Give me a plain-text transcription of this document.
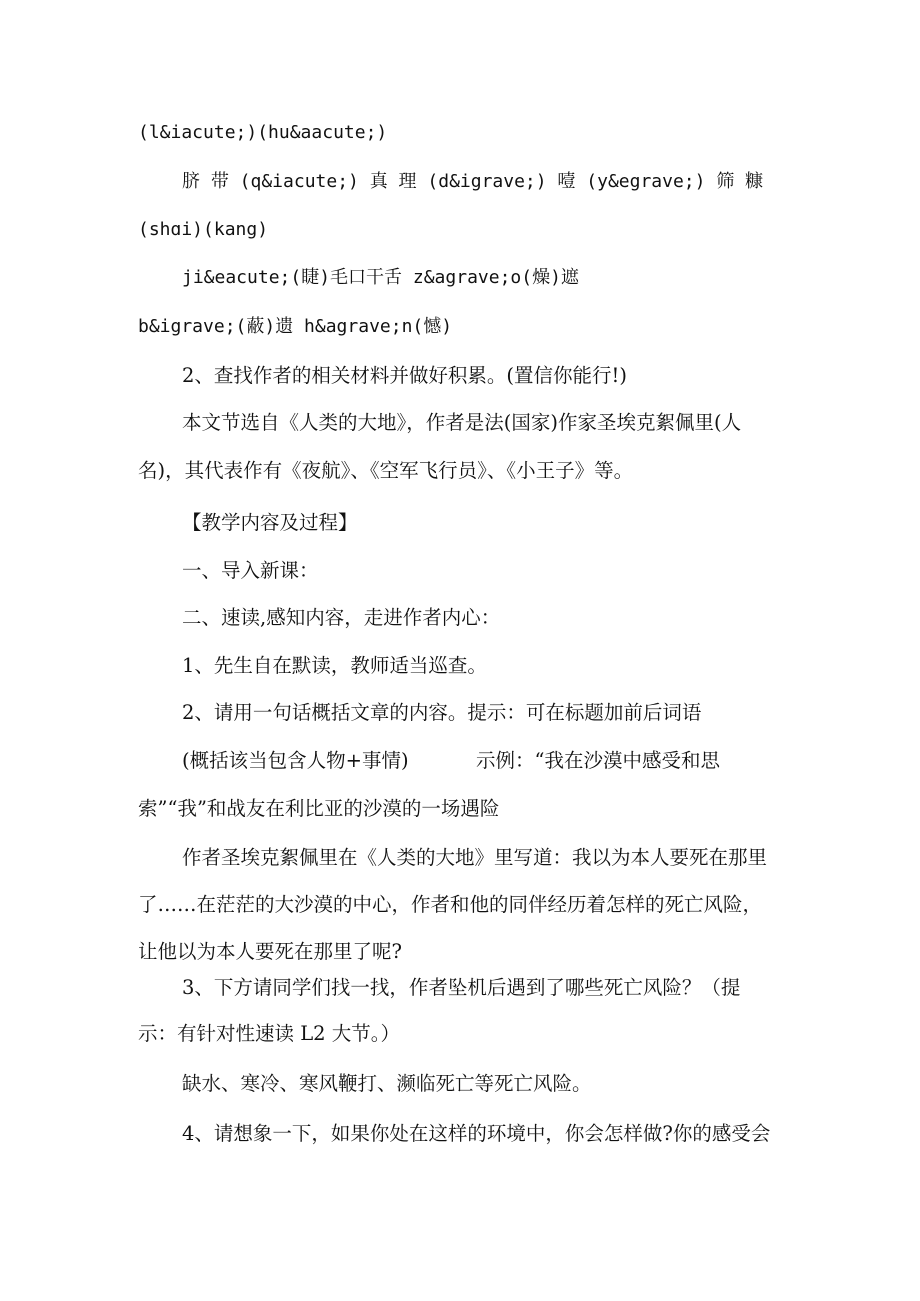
(l&iacute;)(hu&aacute;)
脐 带 (q&iacute;) 真 理 (d&igrave;) 噎 (y&egrave;) 筛 糠
(shɑi)(kang)
ji&eacute;(睫)毛口干舌 z&agrave;o(燥)遮
b&igrave;(蔽)遗 h&agrave;n(憾)
2、查找作者的相关材料并做好积累。(置信你能行!)
本文节选自《人类的大地》，作者是法(国家)作家圣埃克絮佩里(人
名)，其代表作有《夜航》、《空军飞行员》、《小王子》等。
【教学内容及过程】
一、导入新课：
二、速读,感知内容，走进作者内心：
1、先生自在默读，教师适当巡查。
2、请用一句话概括文章的内容。提示：可在标题加前后词语
(概括该当包含人物+事情)	示例：“我在沙漠中感受和思
索”“我”和战友在利比亚的沙漠的一场遇险
作者圣埃克絮佩里在《人类的大地》里写道：我以为本人要死在那里
了……在茫茫的大沙漠的中心，作者和他的同伴经历着怎样的死亡风险，
让他以为本人要死在那里了呢?
3、下方请同学们找一找，作者坠机后遇到了哪些死亡风险？（提
示：有针对性速读 L2 大节。）
缺水、寒冷、寒风鞭打、濒临死亡等死亡风险。
4、请想象一下，如果你处在这样的环境中，你会怎样做?你的感受会
